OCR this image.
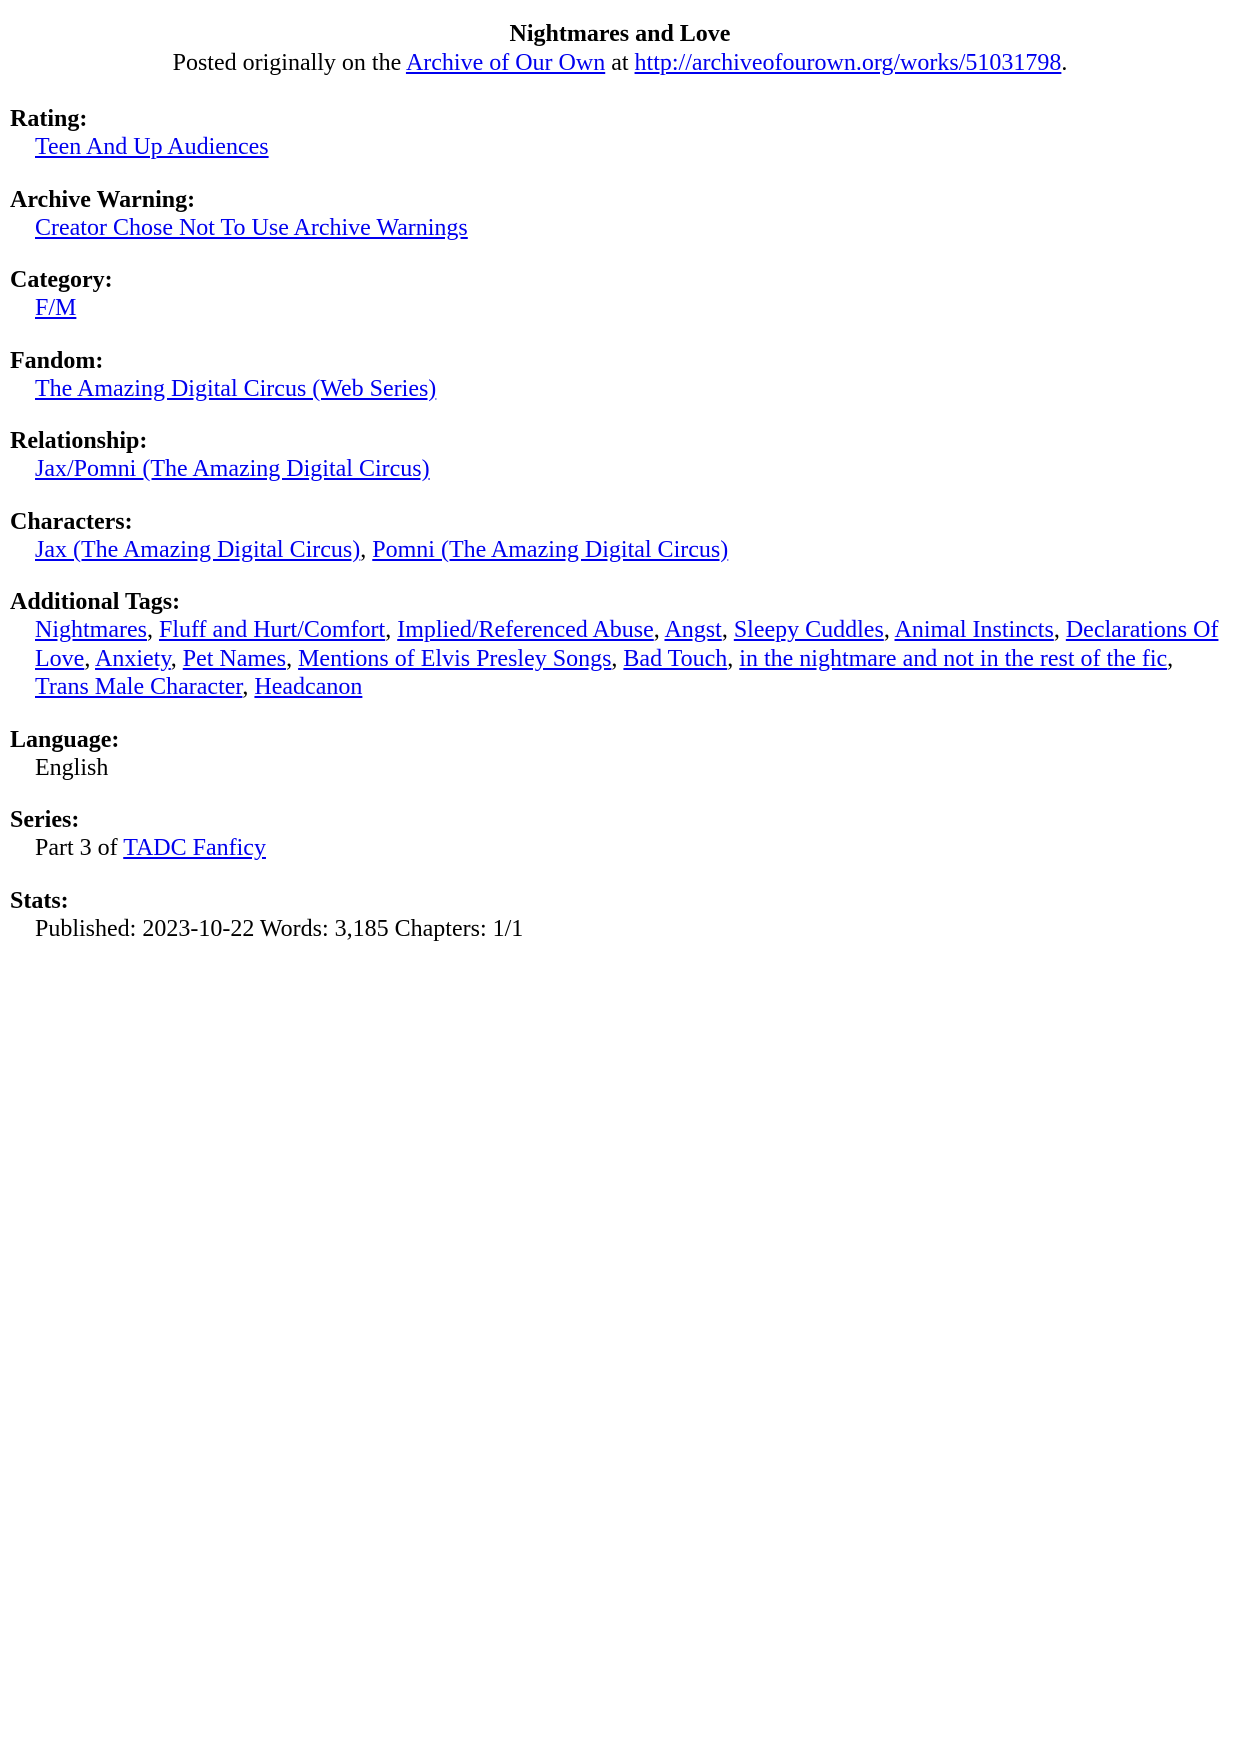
Nightmares and Love
Posted originally on the Archive of Our Own at http://archiveofourown.org/works/51031798.
Rating:
Teen And Up Audiences
Archive Warning:
Creator Chose Not To Use Archive Warnings
Category:
F/M
Fandom:
The Amazing Digital Circus (Web Series)
Relationship:
Jax/Pomni (The Amazing Digital Circus)
Characters:
Jax (The Amazing Digital Circus), Pomni (The Amazing Digital Circus)
Additional Tags:
Nightmares, Fluff and Hurt/Comfort, Implied/Referenced Abuse, Angst, Sleepy Cuddles, Animal Instincts, Declarations Of Love, Anxiety, Pet Names, Mentions of Elvis Presley Songs, Bad Touch, in the nightmare and not in the rest of the fic, Trans Male Character, Headcanon
Language:
English
Series:
Part 3 of TADC Fanficy
Stats:
Published: 2023-10-22 Words: 3,185 Chapters: 1/1
